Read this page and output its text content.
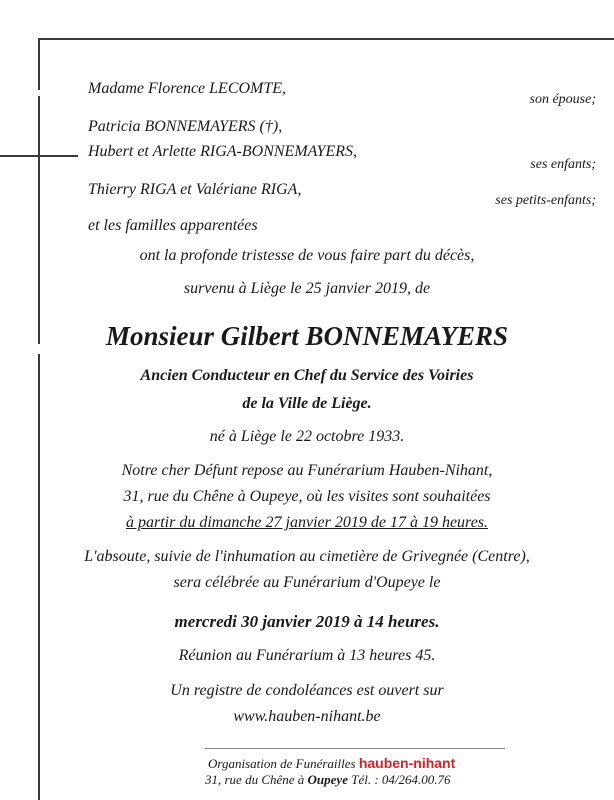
Madame Florence LECOMTE,
son épouse;
Patricia BONNEMAYERS (†),
Hubert et Arlette RIGA-BONNEMAYERS,
ses enfants;
Thierry RIGA et Valériane RIGA,
ses petits-enfants;
et les familles apparentées
ont la profonde tristesse de vous faire part du décès,
survenu à Liège le 25 janvier 2019, de
Monsieur Gilbert BONNEMAYERS
Ancien Conducteur en Chef du Service des Voiries
de la Ville de Liège.
né à Liège le 22 octobre 1933.
Notre cher Défunt repose au Funérarium Hauben-Nihant,
31, rue du Chêne à Oupeye, où les visites sont souhaitées
à partir du dimanche 27 janvier 2019 de 17 à 19 heures.
L'absoute, suivie de l'inhumation au cimetière de Grivegnée (Centre),
sera célébrée au Funérarium d'Oupeye le
mercredi 30 janvier 2019 à 14 heures.
Réunion au Funérarium à 13 heures 45.
Un registre de condoléances est ouvert sur
www.hauben-nihant.be
Organisation de Funérailles hauben-nihant
31, rue du Chêne à Oupeye Tél. : 04/264.00.76
